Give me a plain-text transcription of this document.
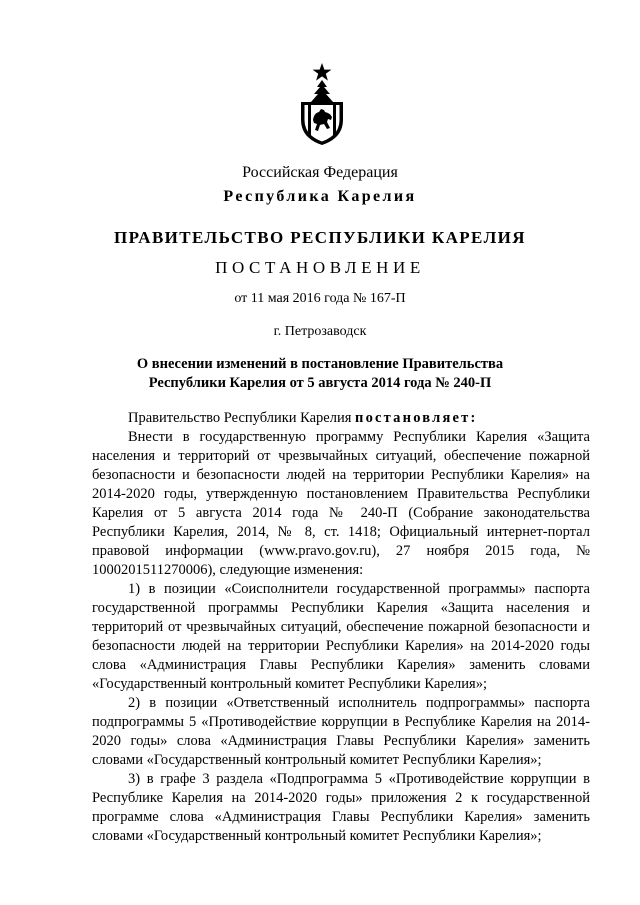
Российская Федерация
Республика Карелия
ПРАВИТЕЛЬСТВО РЕСПУБЛИКИ КАРЕЛИЯ
ПОСТАНОВЛЕНИЕ
от 11 мая 2016 года № 167-П
г. Петрозаводск
О внесении изменений в постановление Правительства
Республики Карелия от 5 августа 2014 года № 240-П

Правительство Республики Карелия постановляет:

Внести в государственную программу Республики Карелия «Защита населения и территорий от чрезвычайных ситуаций, обеспечение пожарной безопасности и безопасности людей на территории Республики Карелия» на 2014-2020 годы, утвержденную постановлением Правительства Республики Карелия от 5 августа 2014 года № 240-П (Собрание законодательства Республики Карелия, 2014, № 8, ст. 1418; Официальный интернет-портал правовой информации (www.pravo.gov.ru), 27 ноября 2015 года, № 1000201511270006), следующие изменения:

1) в позиции «Соисполнители государственной программы» паспорта государственной программы Республики Карелия «Защита населения и территорий от чрезвычайных ситуаций, обеспечение пожарной безопасности и безопасности людей на территории Республики Карелия» на 2014-2020 годы слова «Администрация Главы Республики Карелия» заменить словами «Государственный контрольный комитет Республики Карелия»;

2) в позиции «Ответственный исполнитель подпрограммы» паспорта подпрограммы 5 «Противодействие коррупции в Республике Карелия на 2014-2020 годы» слова «Администрация Главы Республики Карелия» заменить словами «Государственный контрольный комитет Республики Карелия»;

3) в графе 3 раздела «Подпрограмма 5 «Противодействие коррупции в Республике Карелия на 2014-2020 годы» приложения 2 к государственной программе слова «Администрация Главы Республики Карелия» заменить словами «Государственный контрольный комитет Республики Карелия»;
